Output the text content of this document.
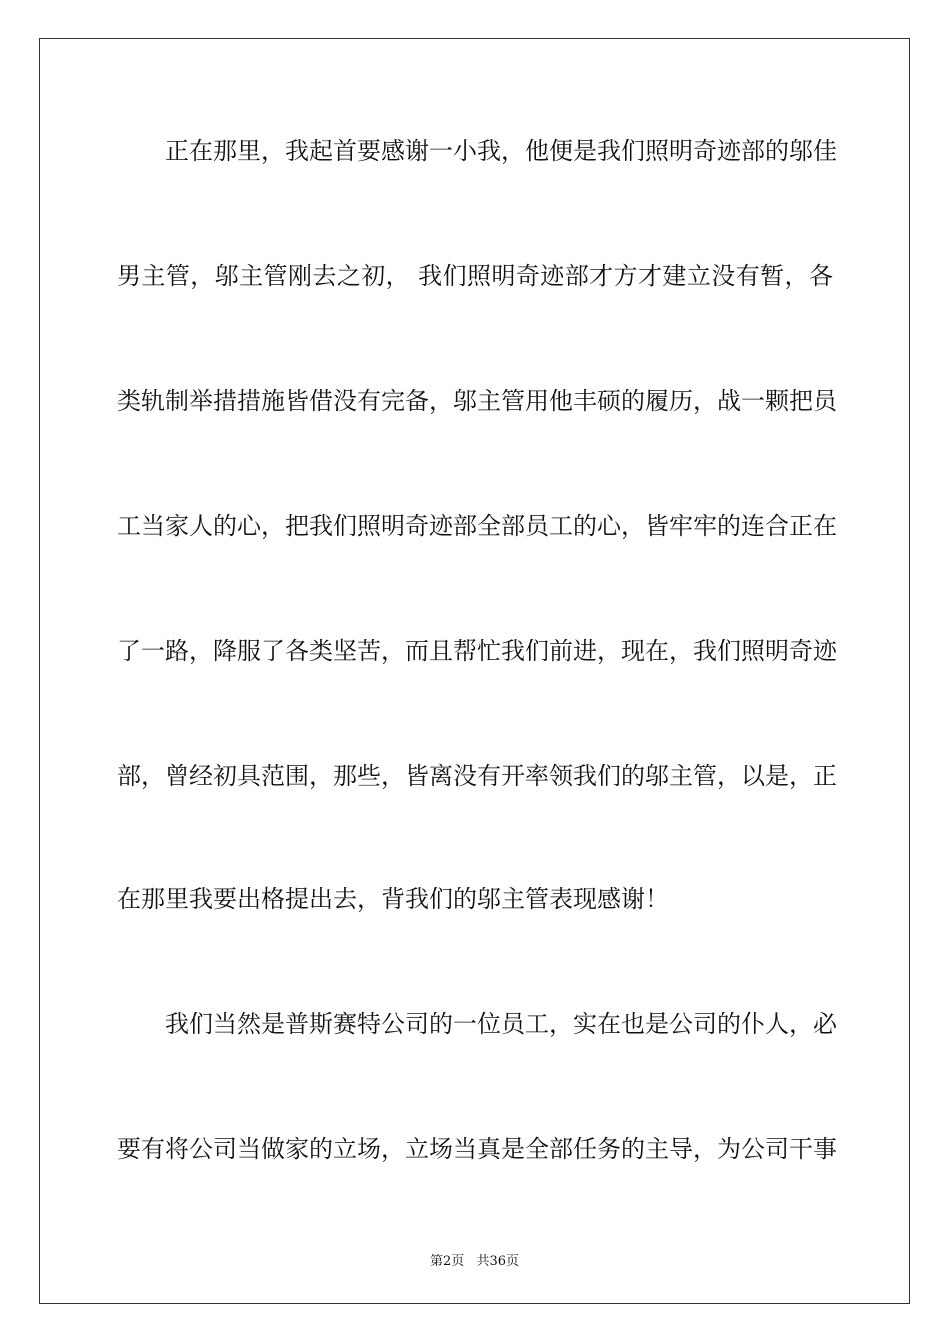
正在那里，我起首要感谢一小我，他便是我们照明奇迹部的邬佳
男主管，邬主管刚去之初， 我们照明奇迹部才方才建立没有暂，各
类轨制举措措施皆借没有完备，邬主管用他丰硕的履历，战一颗把员
工当家人的心，把我们照明奇迹部全部员工的心，皆牢牢的连合正在
了一路，降服了各类坚苦，而且帮忙我们前进，现在，我们照明奇迹
部，曾经初具范围，那些，皆离没有开率领我们的邬主管，以是，正
在那里我要出格提出去，背我们的邬主管表现感谢！
我们当然是普斯赛特公司的一位员工，实在也是公司的仆人，必
要有将公司当做家的立场，立场当真是全部任务的主导，为公司干事
第2页 共36页
